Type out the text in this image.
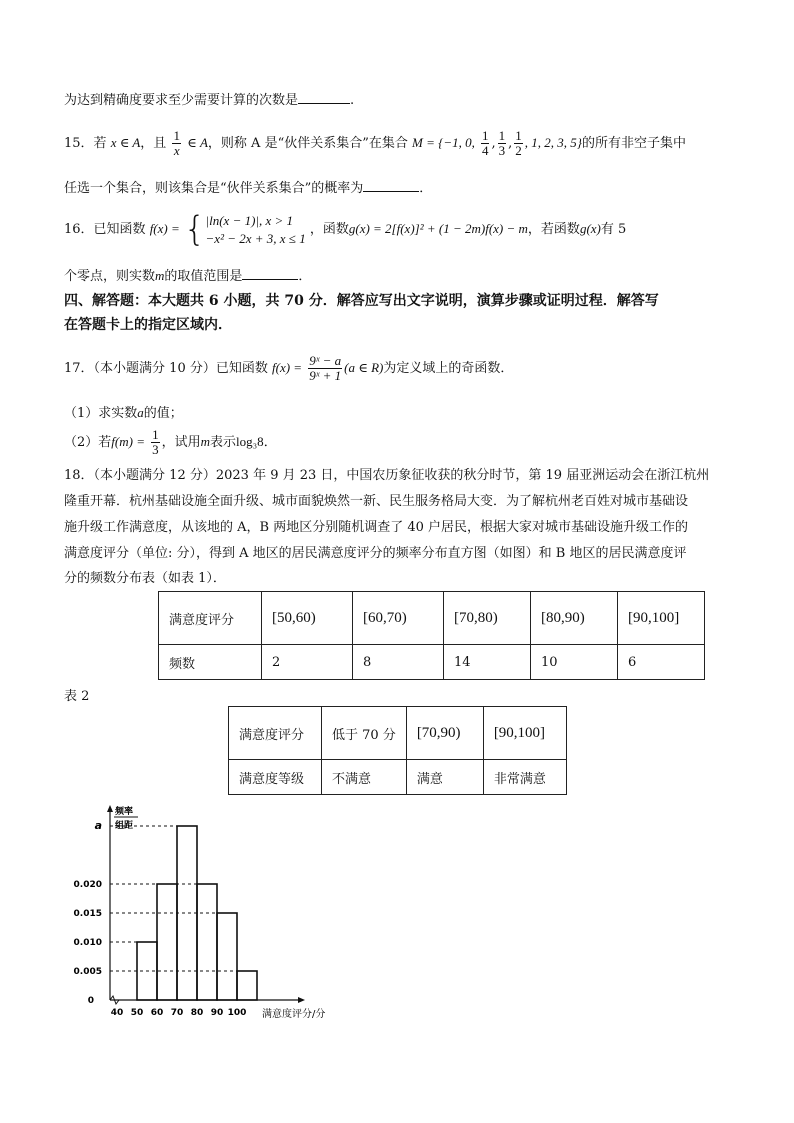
为达到精确度要求至少需要计算的次数是	.
15．若 x ∈ A，且 $\frac{1}{x}$ ∈ A，则称 A 是“伙伴关系集合”在集合 M = {−1, 0, $\frac{1}{4}$ , $\frac{1}{3}$ , $\frac{1}{2}$ , 1, 2, 3, 5}的所有非空子集中
任选一个集合，则该集合是“伙伴关系集合”的概率为	．
16．已知函数 f(x) = { |ln(x − 1)|, x > 1
−x² − 2x + 3, x ≤ 1
，函数g(x) = 2[f(x)]² + (1 − 2m)f(x) − m，若函数g(x)有 5
个零点，则实数m的取值范围是	．
四、解答题：本大题共 6 小题，共 70 分．解答应写出文字说明，演算步骤或证明过程．解答写
在答题卡上的指定区域内．
17．（本小题满分 10 分）已知函数 $f(x) = \frac{\text{9ˣ − a}}{\text{9ˣ + 1}} (a$ ∈ R)为定义域上的奇函数．
（1）求实数a的值；
（2）若$f(m) = \frac{1}{3}$ ，试用m表示log₃8．
18．（本小题满分 12 分）2023 年 9 月 23 日，中国农历象征收获的秋分时节，第 19 届亚洲运动会在浙江杭州
隆重开幕．杭州基础设施全面升级、城市面貌焕然一新、民生服务格局大变．为了解杭州老百姓对城市基础设
施升级工作满意度，从该地的 A，B 两地区分别随机调查了 40 户居民，根据大家对城市基础设施升级工作的
满意度评分（单位: 分），得到 A 地区的居民满意度评分的频率分布直方图（如图）和 B 地区的居民满意度评
分的频数分布表（如表 1）．
满意度评分	[50,60)	[60,70)	[70,80)	[80,90)	[90,100]
频数	2	8	14	10	6
表 2
满意度评分	低于 70 分	[70,90)	[90,100]
满意度等级	不满意	满意	非常满意
0
0.005
0.010
0.015
0.020
a
40 50 60 70 80 90 100 满意度评分/分
频率
组距
